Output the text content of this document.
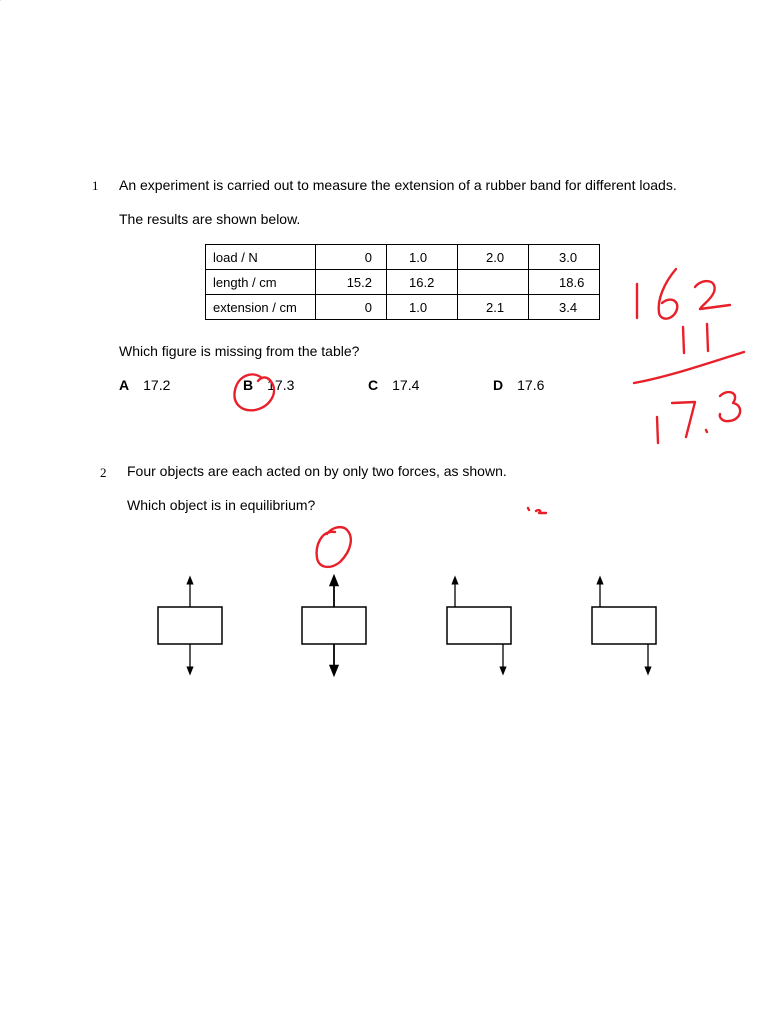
1 An experiment is carried out to measure the extension of a rubber band for different loads.
The results are shown below.
load / N	0	1.0	2.0	3.0
length / cm	15.2	16.2		18.6
extension / cm	0	1.0	2.1	3.4
Which figure is missing from the table?
A 17.2	B 17.3	C 17.4	D 17.6
2 Four objects are each acted on by only two forces, as shown.
Which object is in equilibrium?
1
